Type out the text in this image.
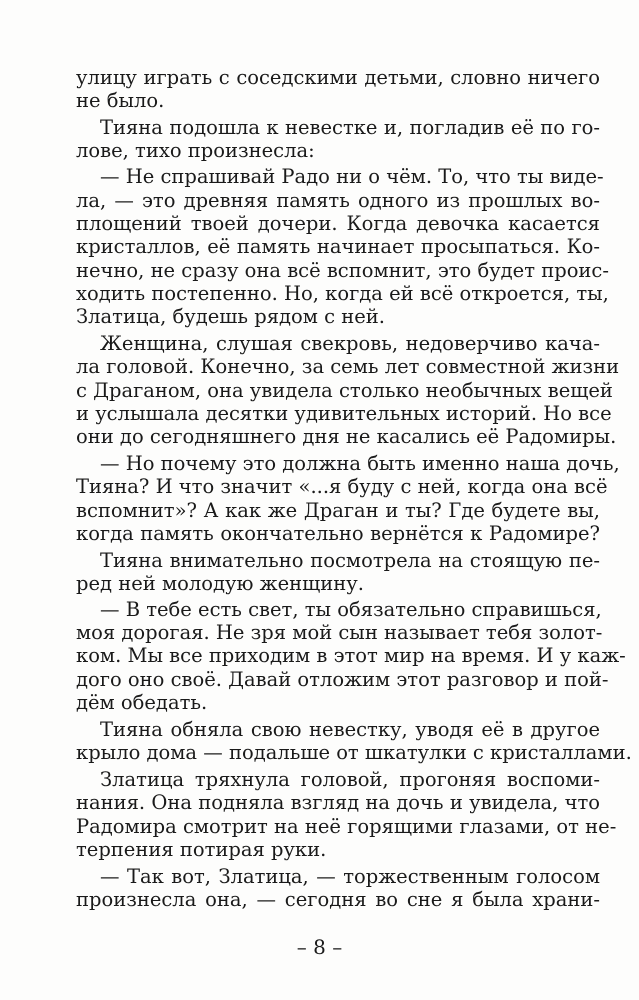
улицу играть с соседскими детьми, словно ничего

не было.

Тияна подошла к невестке и, погладив её по го-

лове, тихо произнесла:

— Не спрашивай Радо ни о чём. То, что ты виде-

ла, — это древняя память одного из прошлых во-

площений твоей дочери. Когда девочка касается

кристаллов, её память начинает просыпаться. Ко-

нечно, не сразу она всё вспомнит, это будет проис-

ходить постепенно. Но, когда ей всё откроется, ты,

Златица, будешь рядом с ней.

Женщина, слушая свекровь, недоверчиво кача-

ла головой. Конечно, за семь лет совместной жизни

с Драганом, она увидела столько необычных вещей

и услышала десятки удивительных историй. Но все

они до сегодняшнего дня не касались её Радомиры.

— Но почему это должна быть именно наша дочь,

Тияна? И что значит «...я буду с ней, когда она всё

вспомнит»? А как же Драган и ты? Где будете вы,

когда память окончательно вернётся к Радомире?

Тияна внимательно посмотрела на стоящую пе-

ред ней молодую женщину.

— В тебе есть свет, ты обязательно справишься,

моя дорогая. Не зря мой сын называет тебя золот-

ком. Мы все приходим в этот мир на время. И у каж-

дого оно своё. Давай отложим этот разговор и пой-

дём обедать.

Тияна обняла свою невестку, уводя её в другое

крыло дома — подальше от шкатулки с кристаллами.

Златица тряхнула головой, прогоняя воспоми-

нания. Она подняла взгляд на дочь и увидела, что

Радомира смотрит на неё горящими глазами, от не-

терпения потирая руки.

— Так вот, Златица, — торжественным голосом

произнесла она, — сегодня во сне я была храни-

– 8 –
